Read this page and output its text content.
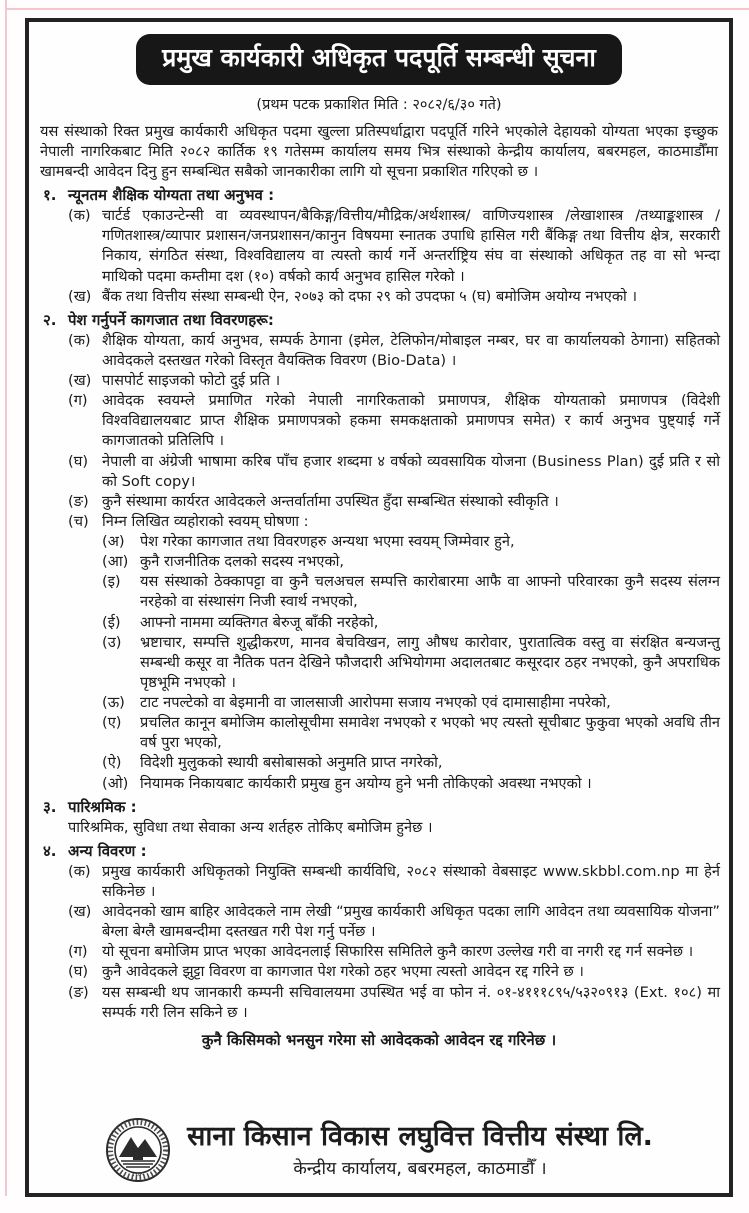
प्रमुख कार्यकारी अधिकृत पदपूर्ति सम्बन्धी सूचना
(प्रथम पटक प्रकाशित मिति : २०८२/६/३० गते)

यस संस्थाको रिक्त प्रमुख कार्यकारी अधिकृत पदमा खुल्ला प्रतिस्पर्धाद्वारा पदपूर्ति गरिने भएकोले देहायको योग्यता भएका इच्छुक नेपाली नागरिकबाट मिति २०८२ कार्तिक १९ गतेसम्म कार्यालय समय भित्र संस्थाको केन्द्रीय कार्यालय, बबरमहल, काठमाडौँमा खामबन्दी आवेदन दिनु हुन सम्बन्धित सबैको जानकारीका लागि यो सूचना प्रकाशित गरिएको छ ।

१. न्यूनतम शैक्षिक योग्यता तथा अनुभव :
(क) चार्टर्ड एकाउन्टेन्सी वा व्यवस्थापन/बैकिङ्ग/वित्तीय/मौद्रिक/अर्थशास्त्र/ वाणिज्यशास्त्र /लेखाशास्त्र /तथ्याङ्कशास्त्र /गणितशास्त्र/व्यापार प्रशासन/जनप्रशासन/कानुन विषयमा स्नातक उपाधि हासिल गरी बैंकिङ्ग तथा वित्तीय क्षेत्र, सरकारी निकाय, संगठित संस्था, विश्वविद्यालय वा त्यस्तो कार्य गर्ने अन्तर्राष्ट्रिय संघ वा संस्थाको अधिकृत तह वा सो भन्दा माथिको पदमा कम्तीमा दश (१०) वर्षको कार्य अनुभव हासिल गरेको ।
(ख) बैंक तथा वित्तीय संस्था सम्बन्धी ऐन, २०७३ को दफा २९ को उपदफा ५ (घ) बमोजिम अयोग्य नभएको ।
२. पेश गर्नुपर्ने कागजात तथा विवरणहरू:
(क) शैक्षिक योग्यता, कार्य अनुभव, सम्पर्क ठेगाना (इमेल, टेलिफोन/मोबाइल नम्बर, घर वा कार्यालयको ठेगाना) सहितको आवेदकले दस्तखत गरेको विस्तृत वैयक्तिक विवरण (Bio-Data) ।
(ख) पासपोर्ट साइजको फोटो दुई प्रति ।
(ग) आवेदक स्वयम्ले प्रमाणित गरेको नेपाली नागरिकताको प्रमाणपत्र, शैक्षिक योग्यताको प्रमाणपत्र (विदेशी विश्वविद्यालयबाट प्राप्त शैक्षिक प्रमाणपत्रको हकमा समकक्षताको प्रमाणपत्र समेत) र कार्य अनुभव पुष्ट्याई गर्ने कागजातको प्रतिलिपि ।
(घ) नेपाली वा अंग्रेजी भाषामा करिब पाँच हजार शब्दमा ४ वर्षको व्यवसायिक योजना (Business Plan) दुई प्रति र सो को Soft copy।
(ङ) कुनै संस्थामा कार्यरत आवेदकले अन्तर्वार्तामा उपस्थित हुँदा सम्बन्धित संस्थाको स्वीकृति ।
(च) निम्न लिखित व्यहोराको स्वयम् घोषणा :
(अ)	पेश गरेका कागजात तथा विवरणहरु अन्यथा भएमा स्वयम् जिम्मेवार हुने,
(आ) कुनै राजनीतिक दलको सदस्य नभएको,
(इ)	यस संस्थाको ठेक्कापट्टा वा कुनै चलअचल सम्पत्ति कारोबारमा आफै वा आफ्नो परिवारका कुनै सदस्य संलग्न नरहेको वा संस्थासंग निजी स्वार्थ नभएको,
(ई)	आफ्नो नाममा व्यक्तिगत बेरुजू बाँकी नरहेको,
(उ)	भ्रष्टाचार, सम्पत्ति शुद्धीकरण, मानव बेचविखन, लागु औषध कारोवार, पुरातात्विक वस्तु वा संरक्षित बन्यजन्तु सम्बन्धी कसूर वा नैतिक पतन देखिने फौजदारी अभियोगमा अदालतबाट कसूरदार ठहर नभएको, कुनै अपराधिक पृष्ठभूमि नभएको ।
(ऊ)	टाट नपल्टेको वा बेइमानी वा जालसाजी आरोपमा सजाय नभएको एवं दामासाहीमा नपरेको,
(ए)	प्रचलित कानून बमोजिम कालोसूचीमा समावेश नभएको र भएको भए त्यस्तो सूचीबाट फुकुवा भएको अवधि तीन वर्ष पुरा भएको,
(ऐ)	विदेशी मुलुकको स्थायी बसोबासको अनुमति प्राप्त नगरेको,
(ओ) नियामक निकायबाट कार्यकारी प्रमुख हुन अयोग्य हुने भनी तोकिएको अवस्था नभएको ।
३. पारिश्रमिक :
पारिश्रमिक, सुविधा तथा सेवाका अन्य शर्तहरु तोकिए बमोजिम हुनेछ ।
४. अन्य विवरण :
(क) प्रमुख कार्यकारी अधिकृतको नियुक्ति सम्बन्धी कार्यविधि, २०८२ संस्थाको वेबसाइट www.skbbl.com.np मा हेर्न सकिनेछ ।
(ख) आवेदनको खाम बाहिर आवेदकले नाम लेखी “प्रमुख कार्यकारी अधिकृत पदका लागि आवेदन तथा व्यवसायिक योजना” बेग्ला बेग्लै खामबन्दीमा दस्तखत गरी पेश गर्नु पर्नेछ ।
(ग) यो सूचना बमोजिम प्राप्त भएका आवेदनलाई सिफारिस समितिले कुनै कारण उल्लेख गरी वा नगरी रद्द गर्न सक्नेछ ।
(घ) कुनै आवेदकले झुट्टा विवरण वा कागजात पेश गरेको ठहर भएमा त्यस्तो आवेदन रद्द गरिने छ ।
(ङ) यस सम्बन्धी थप जानकारी कम्पनी सचिवालयमा उपस्थित भई वा फोन नं. ०१-४१११८९५/५३२०९१३ (Ext. १०८) मा सम्पर्क गरी लिन सकिने छ ।
कुनै किसिमको भनसुन गरेमा सो आवेदकको आवेदन रद्द गरिनेछ ।
१९७५
साना किसान विकास लघुवित्त वित्तीय संस्था लि.
केन्द्रीय कार्यालय, बबरमहल, काठमाडौँ ।
